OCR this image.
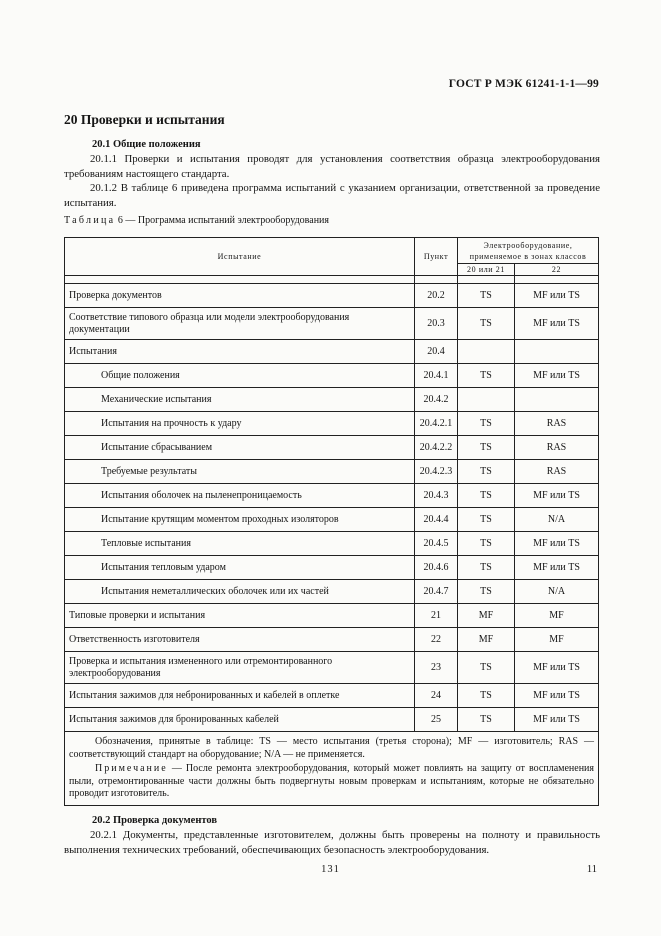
ГОСТ Р МЭК 61241-1-1—99
20 Проверки и испытания
20.1 Общие положения
20.1.1 Проверки и испытания проводят для установления соответствия образца электрооборудования требованиям настоящего стандарта.
20.1.2 В таблице 6 приведена программа испытаний с указанием организации, ответственной за проведение испытания.
Таблица 6 — Программа испытаний электрооборудования
Испытание	Пункт	Электрооборудование, применяемое в зонах классов	
		20 или 21	22

Проверка документов	20.2	TS	MF или TS
Соответствие типового образца или модели электрооборудования документации	20.3	TS	MF или TS
Испытания	20.4		
Общие положения	20.4.1	TS	MF или TS
Механические испытания	20.4.2		
Испытания на прочность к удару	20.4.2.1	TS	RAS
Испытание сбрасыванием	20.4.2.2	TS	RAS
Требуемые результаты	20.4.2.3	TS	RAS
Испытания оболочек на пыленепроницаемость	20.4.3	TS	MF или TS
Испытание крутящим моментом проходных изоляторов	20.4.4	TS	N/A
Тепловые испытания	20.4.5	TS	MF или TS
Испытания тепловым ударом	20.4.6	TS	MF или TS
Испытания неметаллических оболочек или их частей	20.4.7	TS	N/A
Типовые проверки и испытания	21	MF	MF
Ответственность изготовителя	22	MF	MF
Проверка и испытания измененного или отремонтированного электрооборудования	23	TS	MF или TS
Испытания зажимов для небронированных и кабелей в оплетке	24	TS	MF или TS
Испытания зажимов для бронированных кабелей	25	TS	MF или TS

Обозначения, принятые в таблице: TS — место испытания (третья сторона); MF — изготовитель; RAS — соответствующий стандарт на оборудование; N/A — не применяется.

Примечание — После ремонта электрооборудования, который может повлиять на защиту от воспламенения пыли, отремонтированные части должны быть подвергнуты новым проверкам и испытаниям, которые не обязательно проводит изготовитель.			

20.2 Проверка документов
20.2.1 Документы, представленные изготовителем, должны быть проверены на полноту и правильность выполнения технических требований, обеспечивающих безопасность электрооборудования.
131	11
